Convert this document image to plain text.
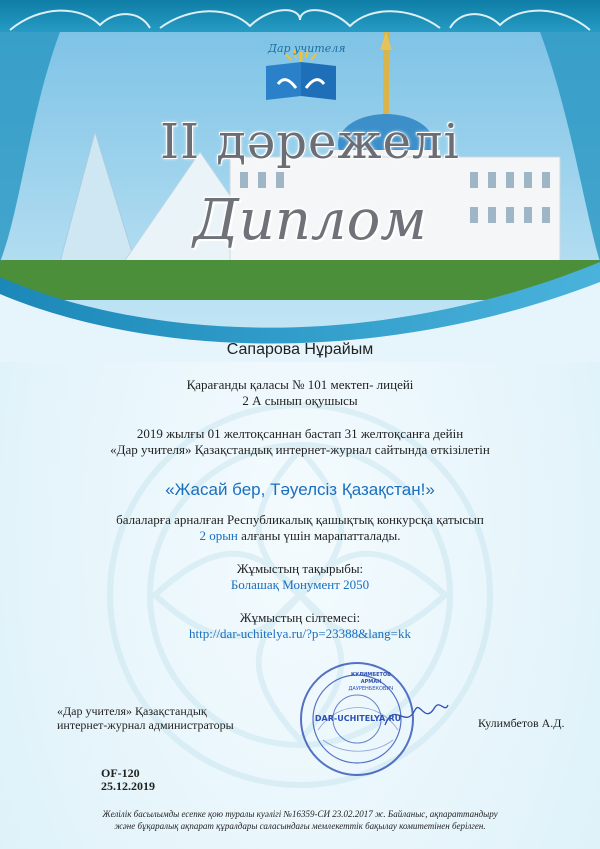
Дар учителя
II дәрежелі
Диплом
Сапарова Нұрайым
Қарағанды қаласы № 101 мектеп- лицейі
2 А сынып оқушысы
2019 жылғы 01 желтоқсаннан бастап 31 желтоқсанға дейін
«Дар учителя» Қазақстандық интернет-журнал сайтында өткізілетін
«Жасай бер, Тәуелсіз Қазақстан!»
балаларға арналған Республикалық қашықтық конкурсқа қатысып
2 орын алғаны үшін марапатталады.
Жұмыстың тақырыбы:
Болашақ Монумент 2050
Жұмыстың сілтемесі:
http://dar-uchitelya.ru/?p=23388&lang=kk
«Дар учителя» Қазақстандық
интернет-журнал администраторы	Кулимбетов А.Д.
КУЛИМБЕТОВ
АРМАН
ДАУРЕНБЕКОВИЧ
DAR-UCHITELYA.RU
OF-120
25.12.2019
Желілік басылымды есепке қою туралы куәлігі №16359-СИ 23.02.2017 ж. Байланыс, ақпараттандыру
және бұқаралық ақпарат құралдары саласындағы мемлекеттік бақылау комитетінен берілген.
